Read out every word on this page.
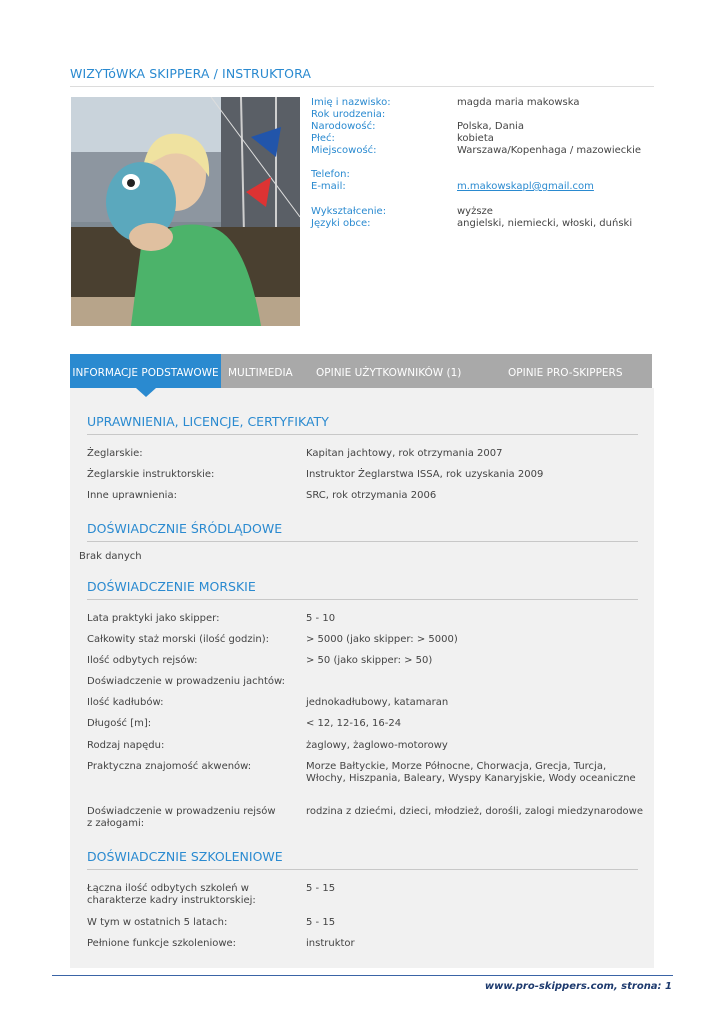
WIZYTóWKA SKIPPERA / INSTRUKTORA
Imię i nazwisko:	magda maria makowska
Rok urodzenia:
Narodowość:	Polska, Dania
Płeć:	kobieta
Miejscowość:	Warszawa/Kopenhaga / mazowieckie
Telefon:
E-mail:	m.makowskapl@gmail.com
Wykształcenie:	wyższe
Języki obce:	angielski, niemiecki, włoski, duński
INFORMACJE PODSTAWOWE MULTIMEDIA OPINIE UŻYTKOWNIKÓW (1)	OPINIE PRO-SKIPPERS
UPRAWNIENIA, LICENCJE, CERTYFIKATY
Żeglarskie:	Kapitan jachtowy, rok otrzymania 2007
Żeglarskie instruktorskie:	Instruktor Żeglarstwa ISSA, rok uzyskania 2009
Inne uprawnienia:	SRC, rok otrzymania 2006
DOŚWIADCZNIE ŚRÓDLĄDOWE
Brak danych
DOŚWIADCZENIE MORSKIE
Lata praktyki jako skipper:	5 - 10
Całkowity staż morski (ilość godzin):	> 5000 (jako skipper: > 5000)
Ilość odbytych rejsów:	> 50 (jako skipper: > 50)
Doświadczenie w prowadzeniu jachtów:
Ilość kadłubów:	jednokadłubowy, katamaran
Długość [m]:	< 12, 12-16, 16-24
Rodzaj napędu:	żaglowy, żaglowo-motorowy
Praktyczna znajomość akwenów:	Morze Bałtyckie, Morze Północne, Chorwacja, Grecja, Turcja, Włochy, Hiszpania, Baleary, Wyspy Kanaryjskie, Wody oceaniczne
Doświadczenie w prowadzeniu rejsów z załogami:
rodzina z dziećmi, dzieci, młodzież, dorośli, zalogi miedzynarodowe
DOŚWIADCZNIE SZKOLENIOWE
Łączna ilość odbytych szkoleń w charakterze kadry instruktorskiej:
5 - 15
W tym w ostatnich 5 latach:	5 - 15
Pełnione funkcje szkoleniowe:	instruktor
www.pro-skippers.com, strona: 1
